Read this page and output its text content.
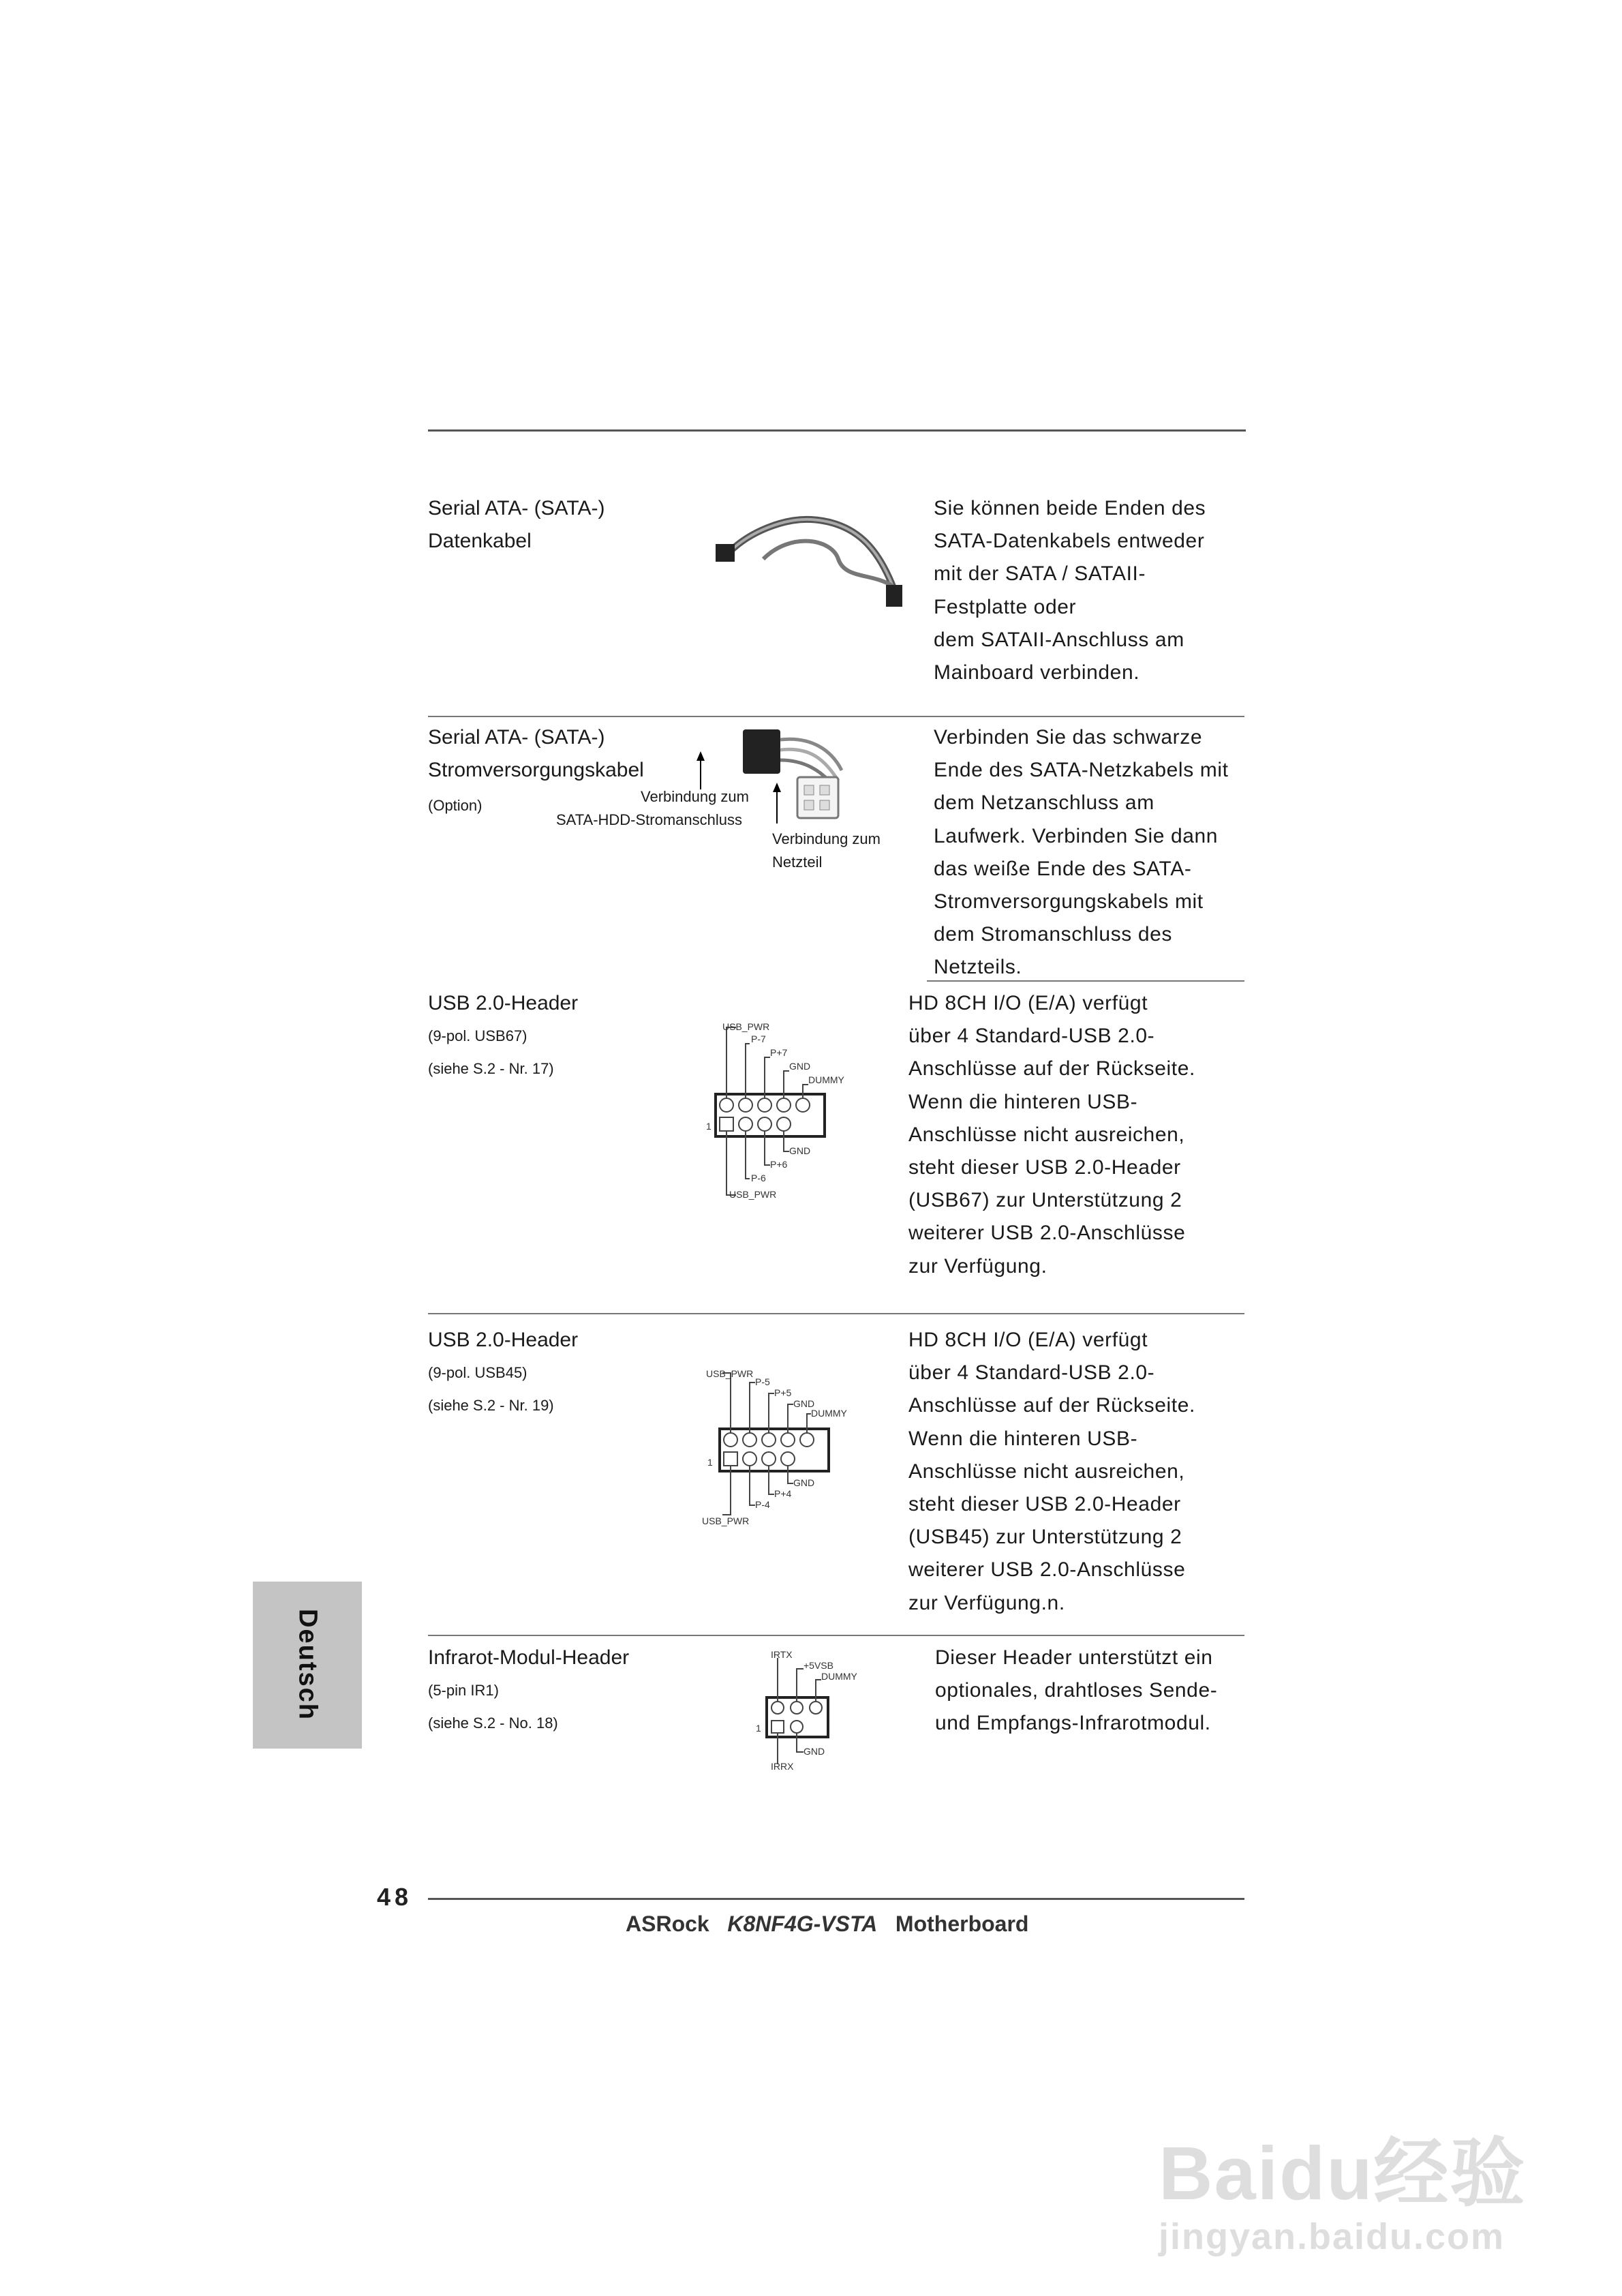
Serial ATA- (SATA-)
Datenkabel
Sie können beide Enden des
SATA-Datenkabels entweder
mit der SATA / SATAII-
Festplatte oder
dem SATAII-Anschluss am
Mainboard verbinden.
Serial ATA- (SATA-)
Stromversorgungskabel
(Option)
Verbindung zum
SATA-HDD-Stromanschluss
Verbindung zum
Netzteil
Verbinden Sie das schwarze
Ende des SATA-Netzkabels mit
dem Netzanschluss am
Laufwerk. Verbinden Sie dann
das weiße Ende des SATA-
Stromversorgungskabels mit
dem Stromanschluss des
Netzteils.
USB 2.0-Header
(9-pol. USB67)
(siehe S.2 - Nr. 17)
USB_PWR
P-7
P+7
GND
DUMMY
1
GND
P+6
P-6
USB_PWR
HD 8CH I/O (E/A) verfügt
über 4 Standard-USB 2.0-
Anschlüsse auf der Rückseite.
Wenn die hinteren USB-
Anschlüsse nicht ausreichen,
steht dieser USB 2.0-Header
(USB67) zur Unterstützung 2
weiterer USB 2.0-Anschlüsse
zur Verfügung.
USB 2.0-Header
(9-pol. USB45)
(siehe S.2 - Nr. 19)
USB_PWR
P-5
P+5
GND
DUMMY
1
GND
P+4
P-4
USB_PWR
HD 8CH I/O (E/A) verfügt
über 4 Standard-USB 2.0-
Anschlüsse auf der Rückseite.
Wenn die hinteren USB-
Anschlüsse nicht ausreichen,
steht dieser USB 2.0-Header
(USB45) zur Unterstützung 2
weiterer USB 2.0-Anschlüsse
zur Verfügung.n.
Infrarot-Modul-Header
(5-pin IR1)
(siehe S.2 - No. 18)
IRTX
+5VSB
DUMMY
1
GND
IRRX
Dieser Header unterstützt ein
optionales, drahtloses Sende-
und Empfangs-Infrarotmodul.
Deutsch
48
ASRock K8NF4G-VSTA Motherboard
Baidu经验
jingyan.baidu.com
